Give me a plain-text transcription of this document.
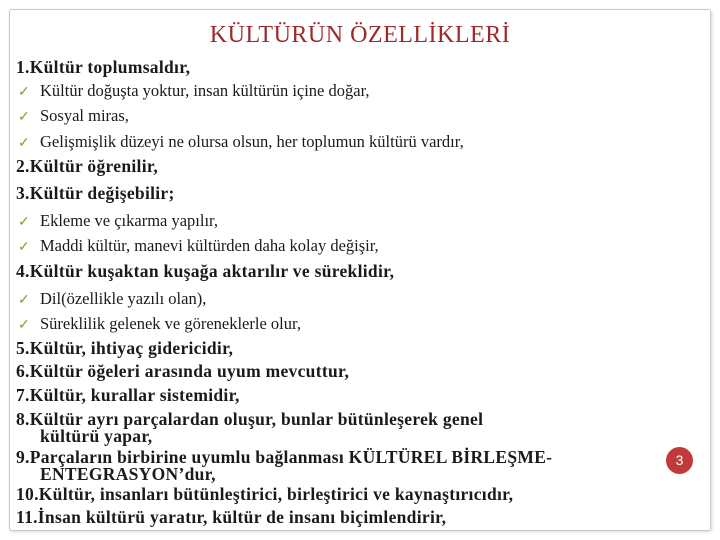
KÜLTÜRÜN ÖZELLİKLERİ
1.Kültür toplumsaldır,
✓ Kültür doğuşta yoktur, insan kültürün içine doğar,
✓ Sosyal miras,
✓ Gelişmişlik düzeyi ne olursa olsun, her toplumun kültürü vardır,
2.Kültür öğrenilir,
3.Kültür değişebilir;
✓ Ekleme ve çıkarma yapılır,
✓ Maddi kültür, manevi kültürden daha kolay değişir,
4.Kültür kuşaktan kuşağa aktarılır ve süreklidir,
✓ Dil(özellikle yazılı olan),
✓ Süreklilik gelenek ve göreneklerle olur,
5.Kültür, ihtiyaç gidericidir,
6.Kültür öğeleri arasında uyum mevcuttur,
7.Kültür, kurallar sistemidir,
8.Kültür ayrı parçalardan oluşur, bunlar bütünleşerek genel
kültürü yapar,
9.Parçaların birbirine uyumlu bağlanması KÜLTÜREL BİRLEŞME-
ENTEGRASYON’dur,
10.Kültür, insanları bütünleştirici, birleştirici ve kaynaştırıcıdır,
11.İnsan kültürü yaratır, kültür de insanı biçimlendirir,
3
